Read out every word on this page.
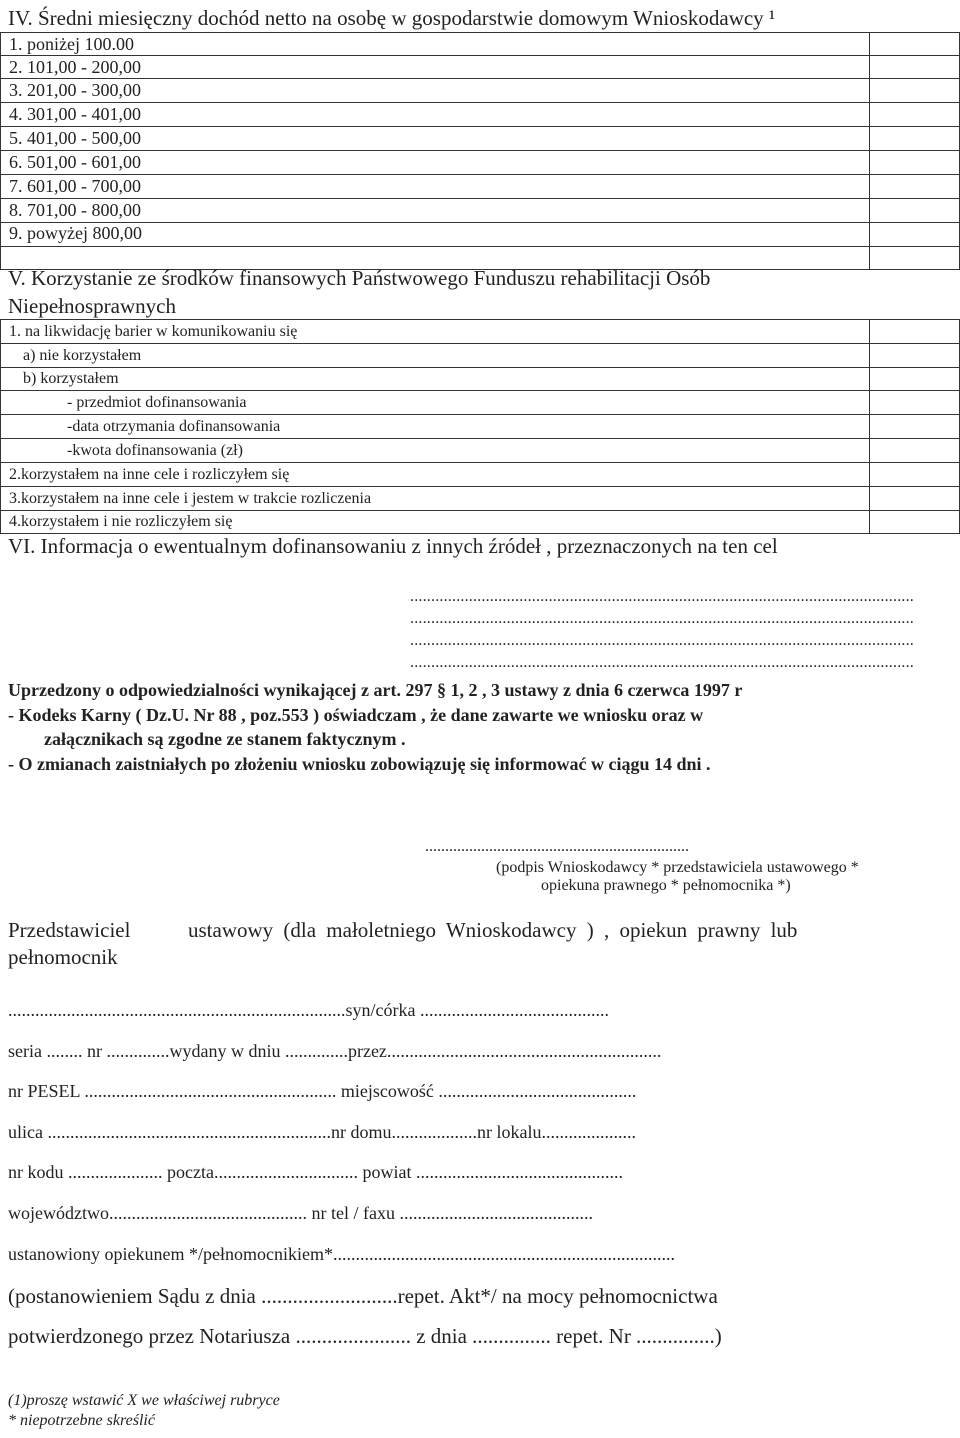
IV. Średni miesięczny dochód netto na osobę w gospodarstwie domowym Wnioskodawcy ¹
1. poniżej 100.00	
2. 101,00 - 200,00	
3. 201,00 - 300,00	
4. 301,00 - 401,00	
5. 401,00 - 500,00	
6. 501,00 - 601,00	
7. 601,00 - 700,00	
8. 701,00 - 800,00	
9. powyżej 800,00	

V. Korzystanie ze środków finansowych Państwowego Funduszu rehabilitacji Osób
Niepełnosprawnych
1. na likwidację barier w komunikowaniu się	
a) nie korzystałem	
b) korzystałem	
- przedmiot dofinansowania	
-data otrzymania dofinansowania	
-kwota dofinansowania (zł)	
2.korzystałem na inne cele i rozliczyłem się	
3.korzystałem na inne cele i jestem w trakcie rozliczenia	
4.korzystałem i nie rozliczyłem się	
VI. Informacja o ewentualnym dofinansowaniu z innych źródeł , przeznaczonych na ten cel
........................................................................................................................
........................................................................................................................
........................................................................................................................
........................................................................................................................
Uprzedzony o odpowiedzialności wynikającej z art. 297 § 1, 2 , 3 ustawy z dnia 6 czerwca 1997 r
- Kodeks Karny ( Dz.U. Nr 88 , poz.553 ) oświadczam , że dane zawarte we wniosku oraz w
załącznikach są zgodne ze stanem faktycznym .
- O zmianach zaistniałych po złożeniu wniosku zobowiązuję się informować w ciągu 14 dni .
..................................................................
(podpis Wnioskodawcy * przedstawiciela ustawowego *
opiekuna prawnego * pełnomocnika *)
Przedstawiciel
pełnomocnik
ustawowy (dla małoletniego Wnioskodawcy ) , opiekun prawny lub
...........................................................................syn/córka ..........................................
seria ........ nr ..............wydany w dniu ..............przez.............................................................
nr PESEL ........................................................ miejscowość ............................................
ulica ...............................................................nr domu...................nr lokalu.....................
nr kodu ..................... poczta................................ powiat ..............................................
województwo............................................ nr tel / faxu ...........................................
ustanowiony opiekunem */pełnomocnikiem*............................................................................
(postanowieniem Sądu z dnia ..........................repet. Akt*/ na mocy pełnomocnictwa
potwierdzonego przez Notariusza ...................... z dnia ............... repet. Nr ...............)
(1)proszę wstawić X we właściwej rubryce
* niepotrzebne skreślić
